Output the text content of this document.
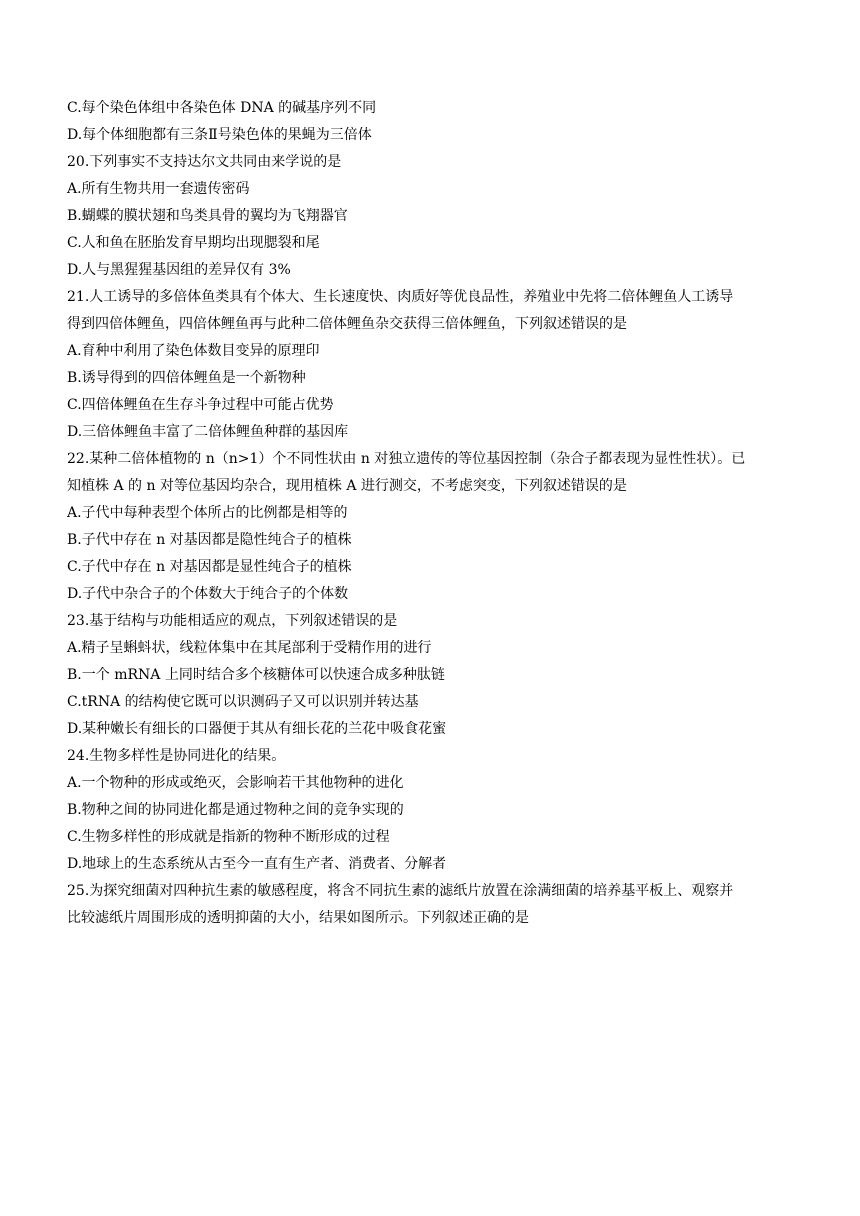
C.每个染色体组中各染色体 DNA 的碱基序列不同
D.每个体细胞都有三条Ⅱ号染色体的果蝇为三倍体
20.下列事实不支持达尔文共同由来学说的是
A.所有生物共用一套遗传密码
B.蝴蝶的膜状翅和鸟类具骨的翼均为飞翔器官
C.人和鱼在胚胎发育早期均出现腮裂和尾
D.人与黑猩猩基因组的差异仅有 3%
21.人工诱导的多倍体鱼类具有个体大、生长速度快、肉质好等优良品性，养殖业中先将二倍体鲤鱼人工诱导
得到四倍体鲤鱼，四倍体鲤鱼再与此种二倍体鲤鱼杂交获得三倍体鲤鱼，下列叙述错误的是
A.育种中利用了染色体数目变异的原理印
B.诱导得到的四倍体鲤鱼是一个新物种
C.四倍体鲤鱼在生存斗争过程中可能占优势
D.三倍体鲤鱼丰富了二倍体鲤鱼种群的基因库
22.某种二倍体植物的 n（n>1）个不同性状由 n 对独立遗传的等位基因控制（杂合子都表现为显性性状）。已
知植株 A 的 n 对等位基因均杂合，现用植株 A 进行测交，不考虑突变，下列叙述错误的是
A.子代中每种表型个体所占的比例都是相等的
B.子代中存在 n 对基因都是隐性纯合子的植株
C.子代中存在 n 对基因都是显性纯合子的植株
D.子代中杂合子的个体数大于纯合子的个体数
23.基于结构与功能相适应的观点，下列叙述错误的是
A.精子呈蝌蚪状，线粒体集中在其尾部利于受精作用的进行
B.一个 mRNA 上同时结合多个核糖体可以快速合成多种肽链
C.tRNA 的结构使它既可以识测码子又可以识别并转达基
D.某种嫩长有细长的口器便于其从有细长花的兰花中吸食花蜜
24.生物多样性是协同进化的结果。
A.一个物种的形成或绝灭，会影响若干其他物种的进化
B.物种之间的协同进化都是通过物种之间的竞争实现的
C.生物多样性的形成就是指新的物种不断形成的过程
D.地球上的生态系统从古至今一直有生产者、消费者、分解者
25.为探究细菌对四种抗生素的敏感程度，将含不同抗生素的滤纸片放置在涂满细菌的培养基平板上、观察并
比较滤纸片周围形成的透明抑菌的大小，结果如图所示。下列叙述正确的是
